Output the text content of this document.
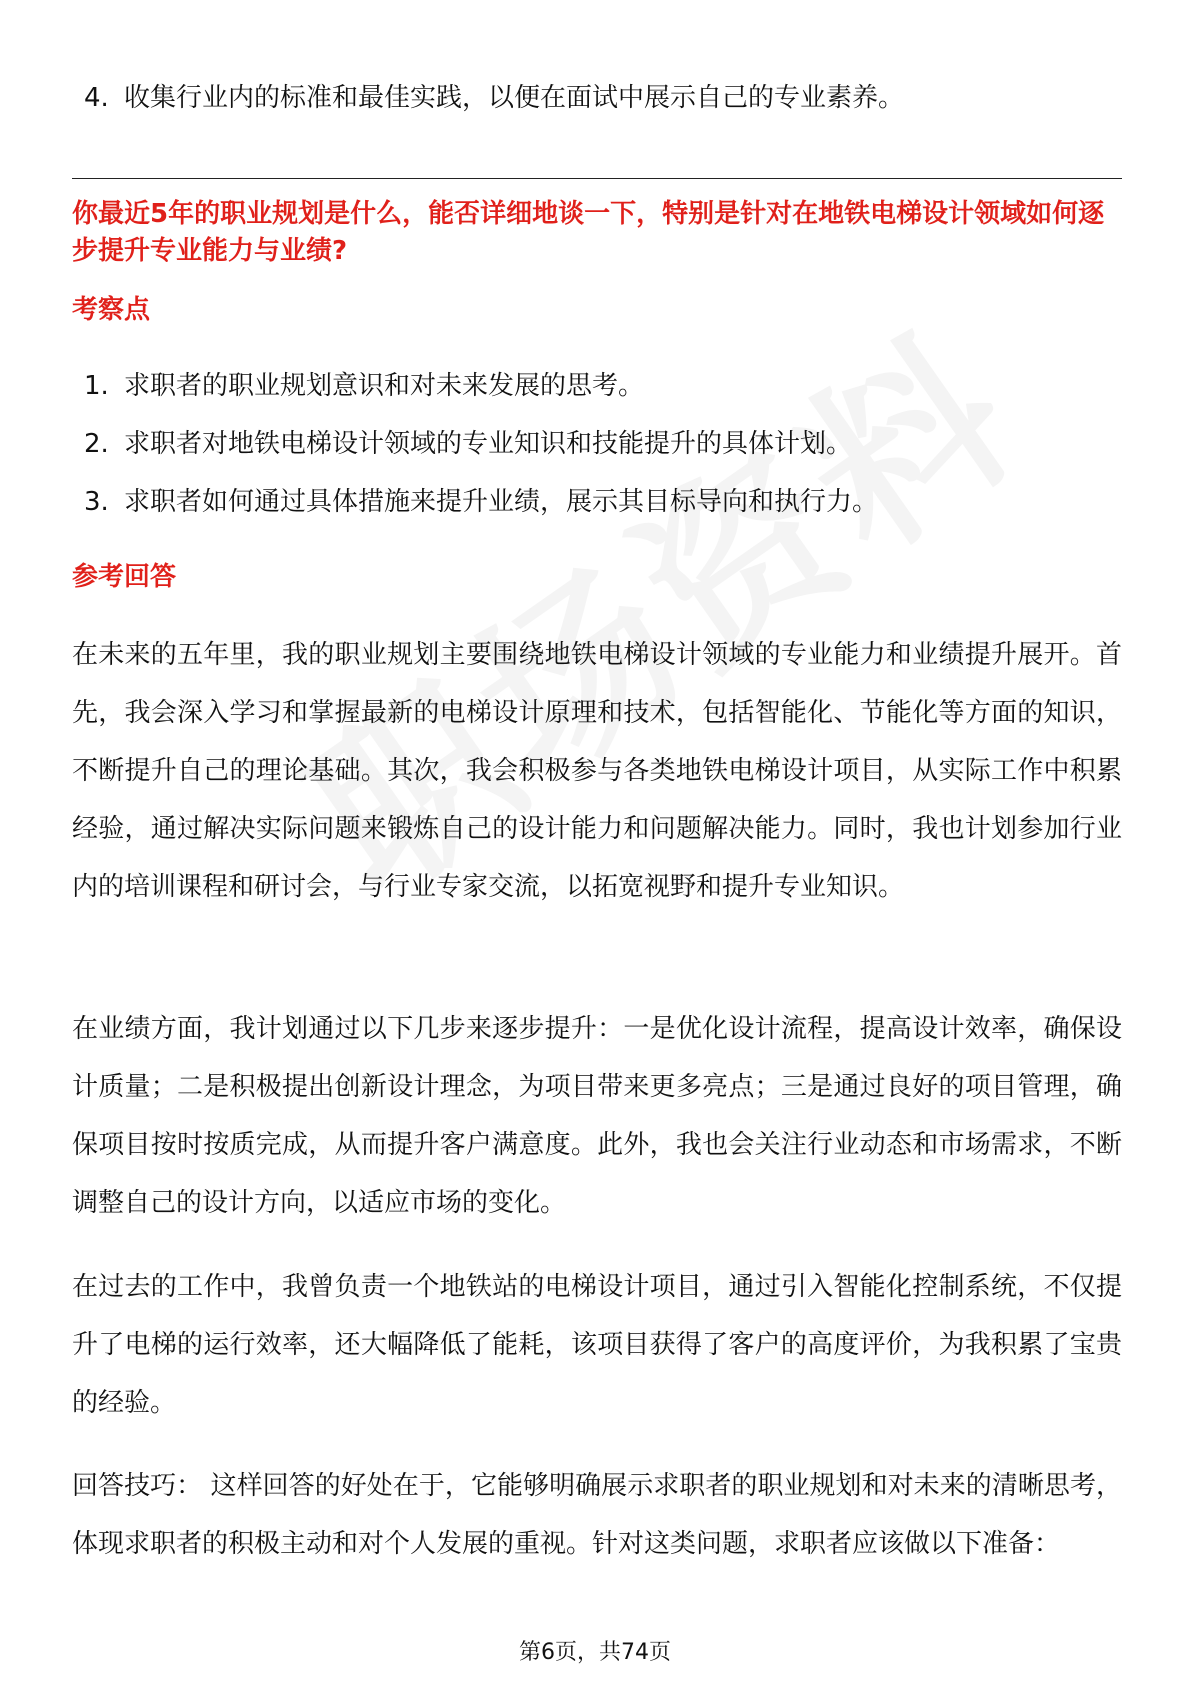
4. 收集行业内的标准和最佳实践，以便在面试中展示自己的专业素养。
你最近5年的职业规划是什么，能否详细地谈一下，特别是针对在地铁电梯设计领域如何逐步提升专业能力与业绩?
考察点
1. 求职者的职业规划意识和对未来发展的思考。
2. 求职者对地铁电梯设计领域的专业知识和技能提升的具体计划。
3. 求职者如何通过具体措施来提升业绩，展示其目标导向和执行力。
参考回答

在未来的五年里，我的职业规划主要围绕地铁电梯设计领域的专业能力和业绩提升展开。首先，我会深入学习和掌握最新的电梯设计原理和技术，包括智能化、节能化等方面的知识，不断提升自己的理论基础。其次，我会积极参与各类地铁电梯设计项目，从实际工作中积累经验，通过解决实际问题来锻炼自己的设计能力和问题解决能力。同时，我也计划参加行业内的培训课程和研讨会，与行业专家交流，以拓宽视野和提升专业知识。

在业绩方面，我计划通过以下几步来逐步提升：一是优化设计流程，提高设计效率，确保设计质量；二是积极提出创新设计理念，为项目带来更多亮点；三是通过良好的项目管理，确保项目按时按质完成，从而提升客户满意度。此外，我也会关注行业动态和市场需求，不断调整自己的设计方向，以适应市场的变化。

在过去的工作中，我曾负责一个地铁站的电梯设计项目，通过引入智能化控制系统，不仅提升了电梯的运行效率，还大幅降低了能耗，该项目获得了客户的高度评价，为我积累了宝贵的经验。

回答技巧： 这样回答的好处在于，它能够明确展示求职者的职业规划和对未来的清晰思考，体现求职者的积极主动和对个人发展的重视。针对这类问题，求职者应该做以下准备：

第6页，共74页
